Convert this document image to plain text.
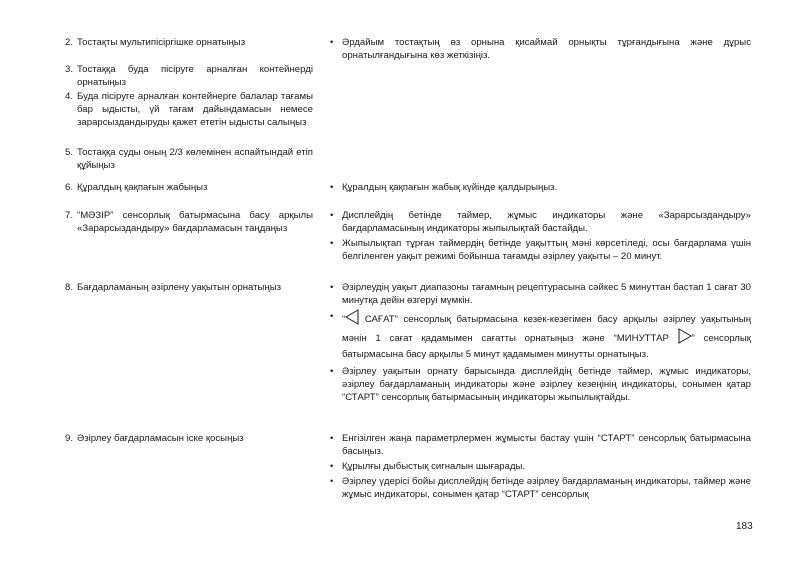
2. Тостақты мультипісіргішке орнатыңыз	• Әрдайым тостақтың өз орнына қисаймай орнықты тұрғандығына және дұрыс орнатылғандығына көз жеткізіңіз.
3. Тостаққа буда пісіруге арналған контейнерді орнатыңыз
4. Буда пісіруге арналған контейнерге балалар тағамы бар ыдысты, үй тағам дайындамасын немесе зарарсыздандыруды қажет ететін ыдысты салыңыз
5. Тостаққа суды оның 2/3 көлемінен аспайтындай етіп құйыңыз
6. Құралдың қақпағын жабыңыз	• Құралдың қақпағын жабық күйінде қалдырыңыз.
7. “МӘЗІР” сенсорлық батырмасына басу арқылы «Зарарсыздандыру» бағдарламасын таңдаңыз
• Дисплейдің бетінде таймер, жұмыс индикаторы және «Зарарсыздандыру» бағдарламасының индикаторы жыпылықтай бастайды.
• Жыпылықтап тұрған таймердің бетінде уақыттың мәні көрсетіледі, осы бағдарлама үшін белгіленген уақыт режимі бойынша тағамды әзірлеу уақыты – 20 минут.
8. Бағдарламаның әзірлену уақытын орнатыңыз	• Әзірлеудің уақыт диапазоны тағамның рецептурасына сәйкес 5 минуттан бастап 1 сағат 30 минутқа дейін өзгеруі мүмкін.
• “ САҒАТ” сенсорлық батырмасына кезек-кезегімен басу арқылы әзірлеу уақытының мәнін 1 сағат қадамымен сағатты орнатыңыз және “МИНУТТАР ” сенсорлық батырмасына басу арқылы 5 минут қадамымен минутты орнатыңыз.
• Әзірлеу уақытын орнату барысында дисплейдің бетінде таймер, жұмыс индикаторы, әзірлеу бағдарламаның индикаторы және әзірлеу кезеңінің индикаторы, сонымен қатар “СТАРТ” сенсорлық батырмасының индикаторы жыпылықтайды.
9. Әзірлеу бағдарламасын іске қосыңыз	• Енгізілген жаңа параметрлермен жұмысты бастау үшін “СТАРТ” сенсорлық батырмасына басыңыз.
• Құрылғы дыбыстық сигналын шығарады.
• Әзірлеу үдерісі бойы дисплейдің бетінде әзірлеу бағдарламаның индикаторы, таймер және жұмыс индикаторы, сонымен қатар “СТАРТ” сенсорлық
183
